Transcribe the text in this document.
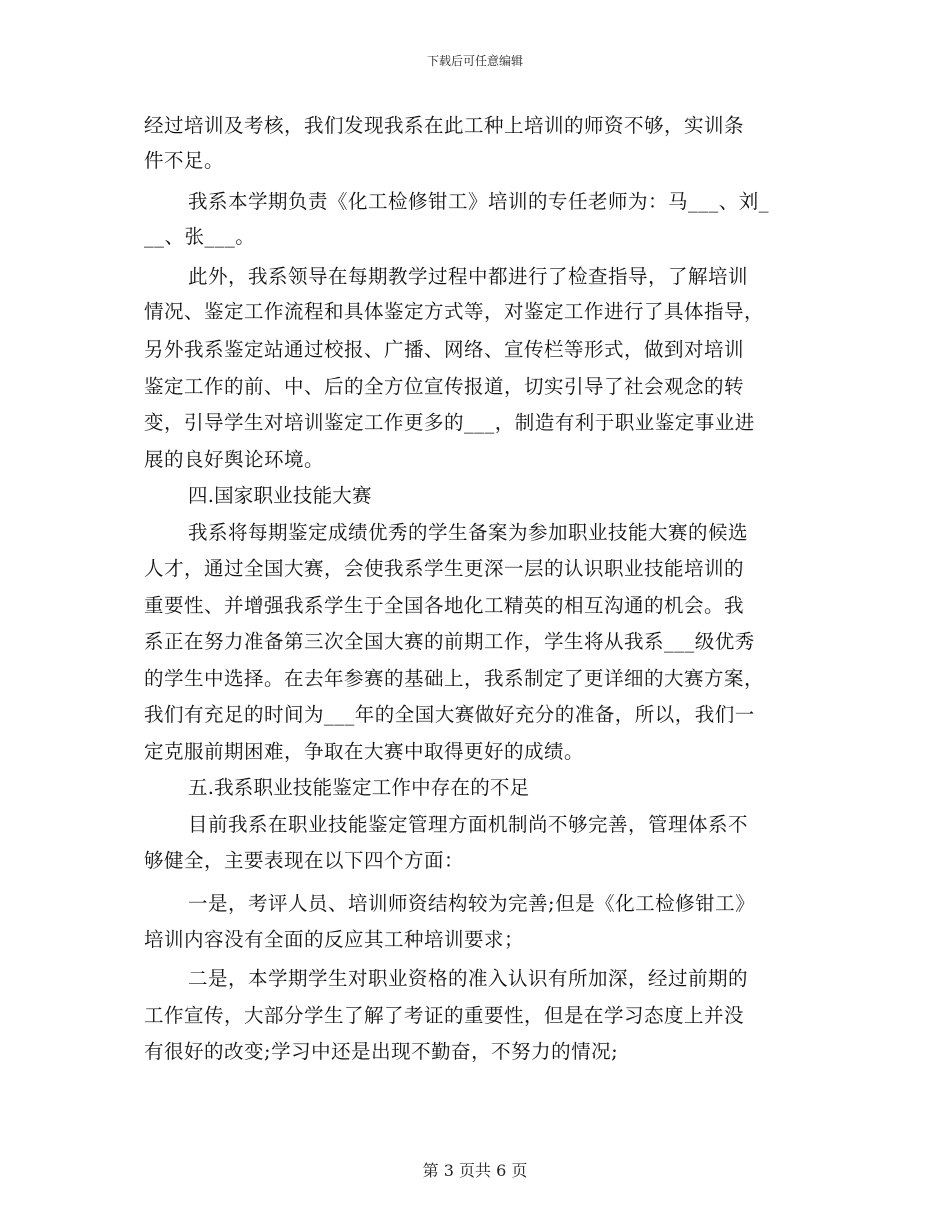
下载后可任意编辑
经过培训及考核，我们发现我系在此工种上培训的师资不够，实训条
件不足。
我系本学期负责《化工检修钳工》培训的专任老师为：马___、刘_
__、张___。
此外，我系领导在每期教学过程中都进行了检查指导，了解培训
情况、鉴定工作流程和具体鉴定方式等，对鉴定工作进行了具体指导，
另外我系鉴定站通过校报、广播、网络、宣传栏等形式，做到对培训
鉴定工作的前、中、后的全方位宣传报道，切实引导了社会观念的转
变，引导学生对培训鉴定工作更多的___，制造有利于职业鉴定事业进
展的良好舆论环境。
四.国家职业技能大赛
我系将每期鉴定成绩优秀的学生备案为参加职业技能大赛的候选
人才，通过全国大赛，会使我系学生更深一层的认识职业技能培训的
重要性、并增强我系学生于全国各地化工精英的相互沟通的机会。我
系正在努力准备第三次全国大赛的前期工作，学生将从我系___级优秀
的学生中选择。在去年参赛的基础上，我系制定了更详细的大赛方案，
我们有充足的时间为___年的全国大赛做好充分的准备，所以，我们一
定克服前期困难，争取在大赛中取得更好的成绩。
五.我系职业技能鉴定工作中存在的不足
目前我系在职业技能鉴定管理方面机制尚不够完善，管理体系不
够健全，主要表现在以下四个方面：
一是，考评人员、培训师资结构较为完善;但是《化工检修钳工》
培训内容没有全面的反应其工种培训要求；
二是，本学期学生对职业资格的准入认识有所加深，经过前期的
工作宣传，大部分学生了解了考证的重要性，但是在学习态度上并没
有很好的改变;学习中还是出现不勤奋，不努力的情况;
第 3 页共 6 页
